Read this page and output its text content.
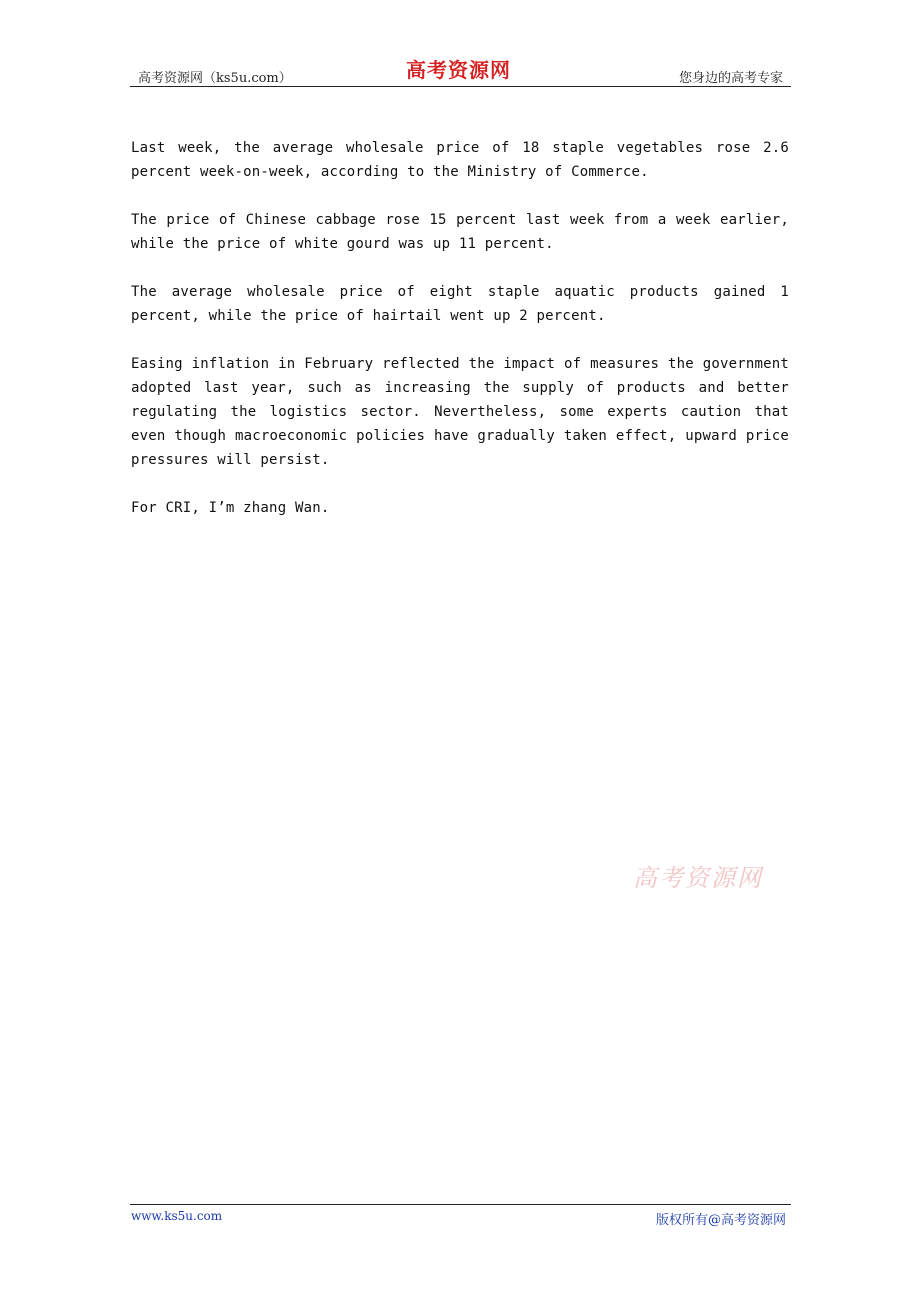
高考资源网（ks5u.com）	高考资源网	您身边的高考专家

Last week, the average wholesale price of 18 staple vegetables rose 2.6 percent week-on-week, according to the Ministry of Commerce.

The price of Chinese cabbage rose 15 percent last week from a week earlier, while the price of white gourd was up 11 percent.

The average wholesale price of eight staple aquatic products gained 1 percent, while the price of hairtail went up 2 percent.

Easing inflation in February reflected the impact of measures the government adopted last year, such as increasing the supply of products and better regulating the logistics sector. Nevertheless, some experts caution that even though macroeconomic policies have gradually taken effect, upward price pressures will persist.

For CRI, I’m zhang Wan.

高考资源网
www.ks5u.com	版权所有@高考资源网
